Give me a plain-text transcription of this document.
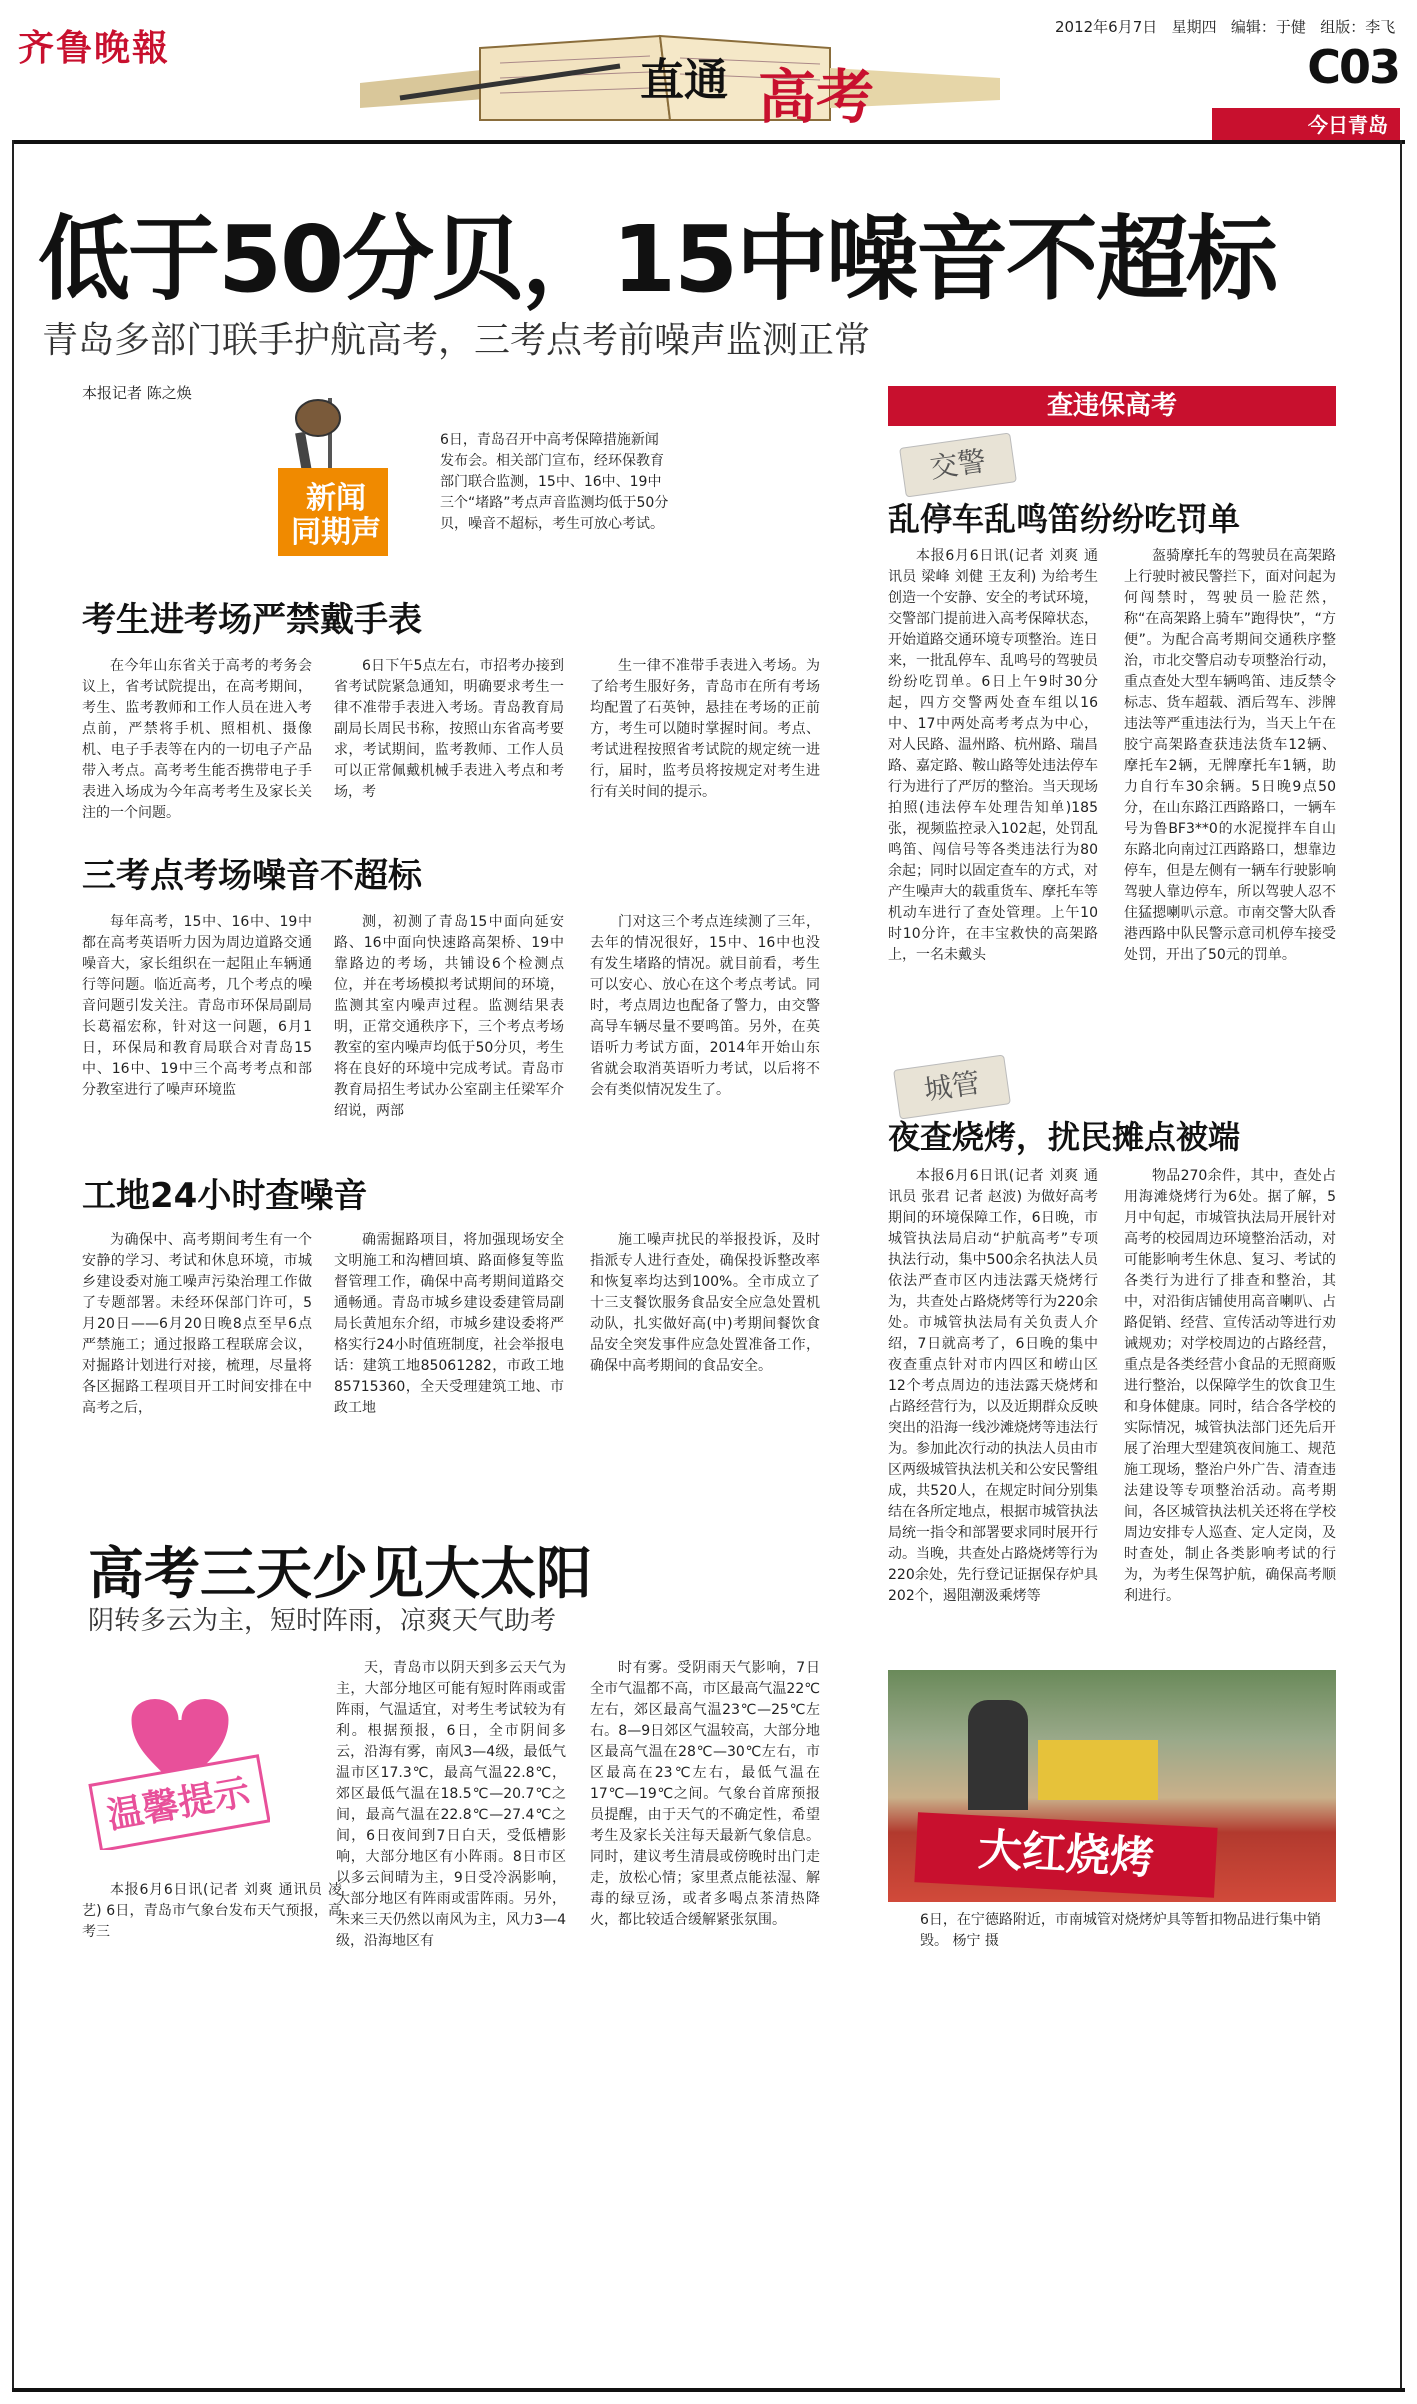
齐鲁晚報	2012年6月7日 星期四 编辑：于健 组版：李飞
C03
今日青岛
直通 高考
低于50分贝，15中噪音不超标
青岛多部门联手护航高考，三考点考前噪声监测正常
本报记者 陈之焕
新闻
同期声
6日，青岛召开中高考保障措施新闻发布会。相关部门宣布，经环保教育部门联合监测，15中、16中、19中三个“堵路”考点声音监测均低于50分贝，噪音不超标，考生可放心考试。
考生进考场严禁戴手表
在今年山东省关于高考的考务会议上，省考试院提出，在高考期间，考生、监考教师和工作人员在进入考点前，严禁将手机、照相机、摄像机、电子手表等在内的一切电子产品带入考点。高考考生能否携带电子手表进入场成为今年高考考生及家长关注的一个问题。
6日下午5点左右，市招考办接到省考试院紧急通知，明确要求考生一律不准带手表进入考场。青岛教育局副局长周民书称，按照山东省高考要求，考试期间，监考教师、工作人员可以正常佩戴机械手表进入考点和考场，考
生一律不准带手表进入考场。为了给考生服好务，青岛市在所有考场均配置了石英钟，悬挂在考场的正前方，考生可以随时掌握时间。考点、考试进程按照省考试院的规定统一进行，届时，监考员将按规定对考生进行有关时间的提示。
三考点考场噪音不超标
每年高考，15中、16中、19中都在高考英语听力因为周边道路交通噪音大，家长组织在一起阻止车辆通行等问题。临近高考，几个考点的噪音问题引发关注。青岛市环保局副局长葛福宏称，针对这一问题，6月1日，环保局和教育局联合对青岛15中、16中、19中三个高考考点和部分教室进行了噪声环境监
测，初测了青岛15中面向延安路、16中面向快速路高架桥、19中靠路边的考场，共铺设6个检测点位，并在考场模拟考试期间的环境，监测其室内噪声过程。监测结果表明，正常交通秩序下，三个考点考场教室的室内噪声均低于50分贝，考生将在良好的环境中完成考试。青岛市教育局招生考试办公室副主任梁军介绍说，两部
门对这三个考点连续测了三年，去年的情况很好，15中、16中也没有发生堵路的情况。就目前看，考生可以安心、放心在这个考点考试。同时，考点周边也配备了警力，由交警高导车辆尽量不要鸣笛。另外，在英语听力考试方面，2014年开始山东省就会取消英语听力考试，以后将不会有类似情况发生了。
工地24小时查噪音
为确保中、高考期间考生有一个安静的学习、考试和休息环境，市城乡建设委对施工噪声污染治理工作做了专题部署。未经环保部门许可，5月20日——6月20日晚8点至早6点严禁施工；通过报路工程联席会议，对掘路计划进行对接，梳理，尽量将各区掘路工程项目开工时间安排在中高考之后，
确需掘路项目，将加强现场安全文明施工和沟槽回填、路面修复等监督管理工作，确保中高考期间道路交通畅通。青岛市城乡建设委建管局副局长黄旭东介绍，市城乡建设委将严格实行24小时值班制度，社会举报电话：建筑工地85061282，市政工地85715360，全天受理建筑工地、市政工地
施工噪声扰民的举报投诉，及时指派专人进行查处，确保投诉整改率和恢复率均达到100%。全市成立了十三支餐饮服务食品安全应急处置机动队，扎实做好高(中)考期间餐饮食品安全突发事件应急处置准备工作，确保中高考期间的食品安全。
高考三天少见大太阳
阴转多云为主，短时阵雨，凉爽天气助考
温馨提示
本报6月6日讯(记者 刘爽 通讯员 凌艺) 6日，青岛市气象台发布天气预报，高考三
天，青岛市以阴天到多云天气为主，大部分地区可能有短时阵雨或雷阵雨，气温适宜，对考生考试较为有利。根据预报，6日，全市阴间多云，沿海有雾，南风3—4级，最低气温市区17.3℃，最高气温22.8℃，郊区最低气温在18.5℃—20.7℃之间，最高气温在22.8℃—27.4℃之间，6日夜间到7日白天，受低槽影响，大部分地区有小阵雨。8日市区以多云间晴为主，9日受冷涡影响，大部分地区有阵雨或雷阵雨。另外，未来三天仍然以南风为主，风力3—4级，沿海地区有
时有雾。受阴雨天气影响，7日全市气温都不高，市区最高气温22℃左右，郊区最高气温23℃—25℃左右。8—9日郊区气温较高，大部分地区最高气温在28℃—30℃左右，市区最高在23℃左右，最低气温在17℃—19℃之间。气象台首席预报员提醒，由于天气的不确定性，希望考生及家长关注每天最新气象信息。同时，建议考生清晨或傍晚时出门走走，放松心情；家里煮点能祛湿、解毒的绿豆汤，或者多喝点茶清热降火，都比较适合缓解紧张氛围。
查违保高考
交警
乱停车乱鸣笛纷纷吃罚单
本报6月6日讯(记者 刘爽 通讯员 梁峰 刘健 王友利) 为给考生创造一个安静、安全的考试环境，交警部门提前进入高考保障状态，开始道路交通环境专项整治。连日来，一批乱停车、乱鸣号的驾驶员纷纷吃罚单。6日上午9时30分起，四方交警两处查车组以16中、17中两处高考考点为中心，对人民路、温州路、杭州路、瑞昌路、嘉定路、鞍山路等处违法停车行为进行了严厉的整治。当天现场拍照(违法停车处理告知单)185张，视频监控录入102起，处罚乱鸣笛、闯信号等各类违法行为80余起；同时以固定查车的方式，对产生噪声大的载重货车、摩托车等机动车进行了查处管理。上午10时10分许，在丰宝救快的高架路上，一名未戴头
盔骑摩托车的驾驶员在高架路上行驶时被民警拦下，面对问起为何闯禁时，驾驶员一脸茫然，称“在高架路上骑车”跑得快”，“方便”。为配合高考期间交通秩序整治，市北交警启动专项整治行动，重点查处大型车辆鸣笛、违反禁令标志、货车超载、酒后驾车、涉牌违法等严重违法行为，当天上午在胶宁高架路查获违法货车12辆、摩托车2辆，无牌摩托车1辆，助力自行车30余辆。5日晚9点50分，在山东路江西路路口，一辆车号为鲁BF3**0的水泥搅拌车自山东路北向南过江西路路口，想靠边停车，但是左侧有一辆车行驶影响驾驶人靠边停车，所以驾驶人忍不住猛摁喇叭示意。市南交警大队香港西路中队民警示意司机停车接受处罚，开出了50元的罚单。
城管
夜查烧烤，扰民摊点被端
本报6月6日讯(记者 刘爽 通讯员 张君 记者 赵波) 为做好高考期间的环境保障工作，6日晚，市城管执法局启动“护航高考”专项执法行动，集中500余名执法人员依法严查市区内违法露天烧烤行为，共查处占路烧烤等行为220余处。市城管执法局有关负责人介绍，7日就高考了，6日晚的集中夜查重点针对市内四区和崂山区12个考点周边的违法露天烧烤和占路经营行为，以及近期群众反映突出的沿海一线沙滩烧烤等违法行为。参加此次行动的执法人员由市区两级城管执法机关和公安民警组成，共520人，在规定时间分别集结在各所定地点，根据市城管执法局统一指令和部署要求同时展开行动。当晚，共查处占路烧烤等行为220余处，先行登记证据保存炉具202个，遏阻潮汲乘烤等
物品270余件，其中，查处占用海滩烧烤行为6处。据了解，5月中旬起，市城管执法局开展针对高考的校园周边环境整治活动，对可能影响考生休息、复习、考试的各类行为进行了排查和整治，其中，对沿街店铺使用高音喇叭、占路促销、经营、宣传活动等进行劝诫规劝；对学校周边的占路经营，重点是各类经营小食品的无照商贩进行整治，以保障学生的饮食卫生和身体健康。同时，结合各学校的实际情况，城管执法部门还先后开展了治理大型建筑夜间施工、规范施工现场，整治户外广告、清查违法建设等专项整治活动。高考期间，各区城管执法机关还将在学校周边安排专人巡查、定人定岗，及时查处，制止各类影响考试的行为，为考生保驾护航，确保高考顺利进行。
大红烧烤
6日，在宁德路附近，市南城管对烧烤炉具等暂扣物品进行集中销毁。 杨宁 摄
